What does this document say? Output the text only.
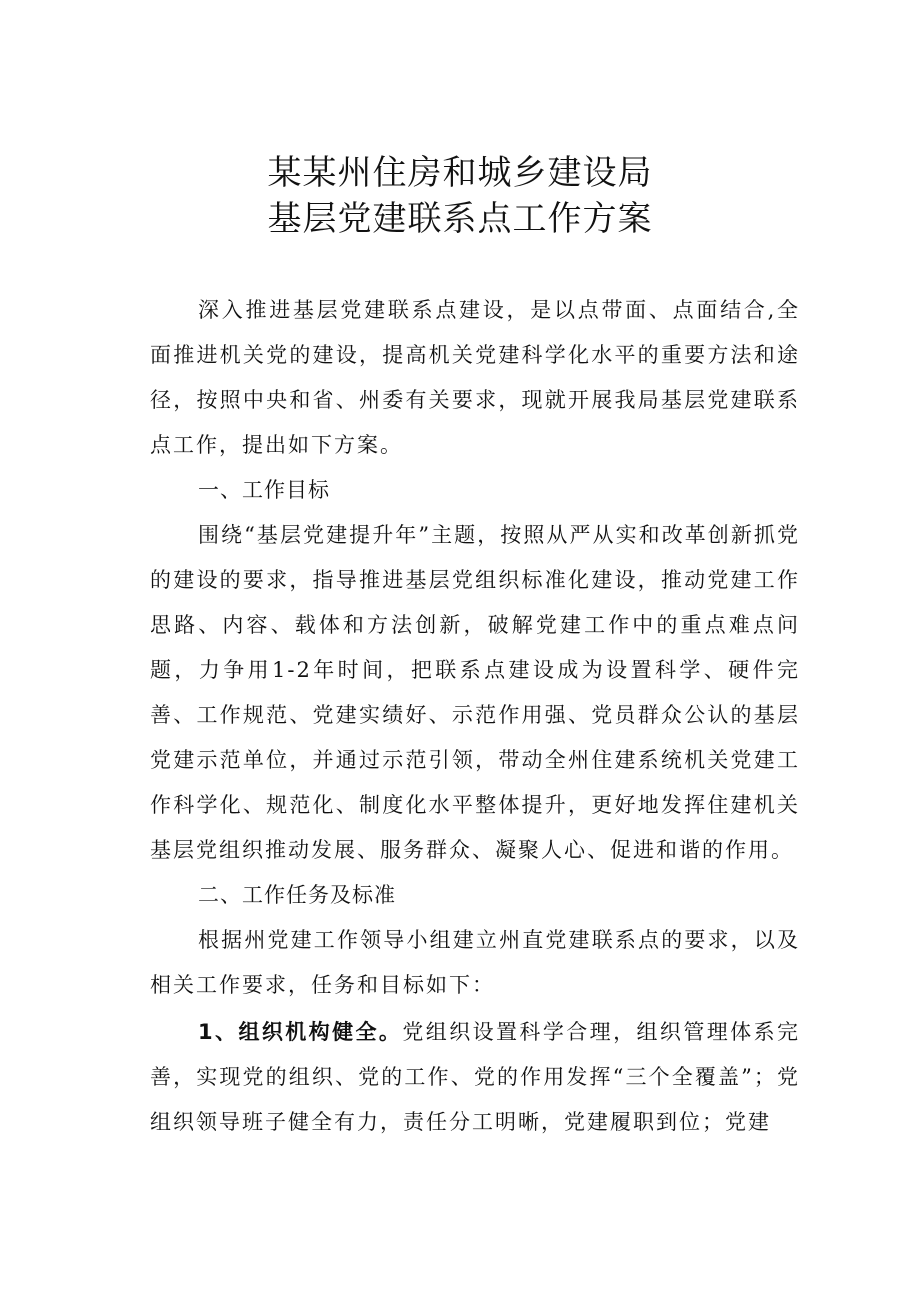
某某州住房和城乡建设局
基层党建联系点工作方案

深入推进基层党建联系点建设，是以点带面、点面结合,全面推进机关党的建设，提高机关党建科学化水平的重要方法和途径，按照中央和省、州委有关要求，现就开展我局基层党建联系点工作，提出如下方案。

一、工作目标

围绕“基层党建提升年”主题，按照从严从实和改革创新抓党的建设的要求，指导推进基层党组织标准化建设，推动党建工作思路、内容、载体和方法创新，破解党建工作中的重点难点问题，力争用1-2年时间，把联系点建设成为设置科学、硬件完善、工作规范、党建实绩好、示范作用强、党员群众公认的基层党建示范单位，并通过示范引领，带动全州住建系统机关党建工作科学化、规范化、制度化水平整体提升，更好地发挥住建机关基层党组织推动发展、服务群众、凝聚人心、促进和谐的作用。

二、工作任务及标准

根据州党建工作领导小组建立州直党建联系点的要求，以及相关工作要求，任务和目标如下：

1、组织机构健全。党组织设置科学合理，组织管理体系完善，实现党的组织、党的工作、党的作用发挥“三个全覆盖”；党组织领导班子健全有力，责任分工明晰，党建履职到位；党建
